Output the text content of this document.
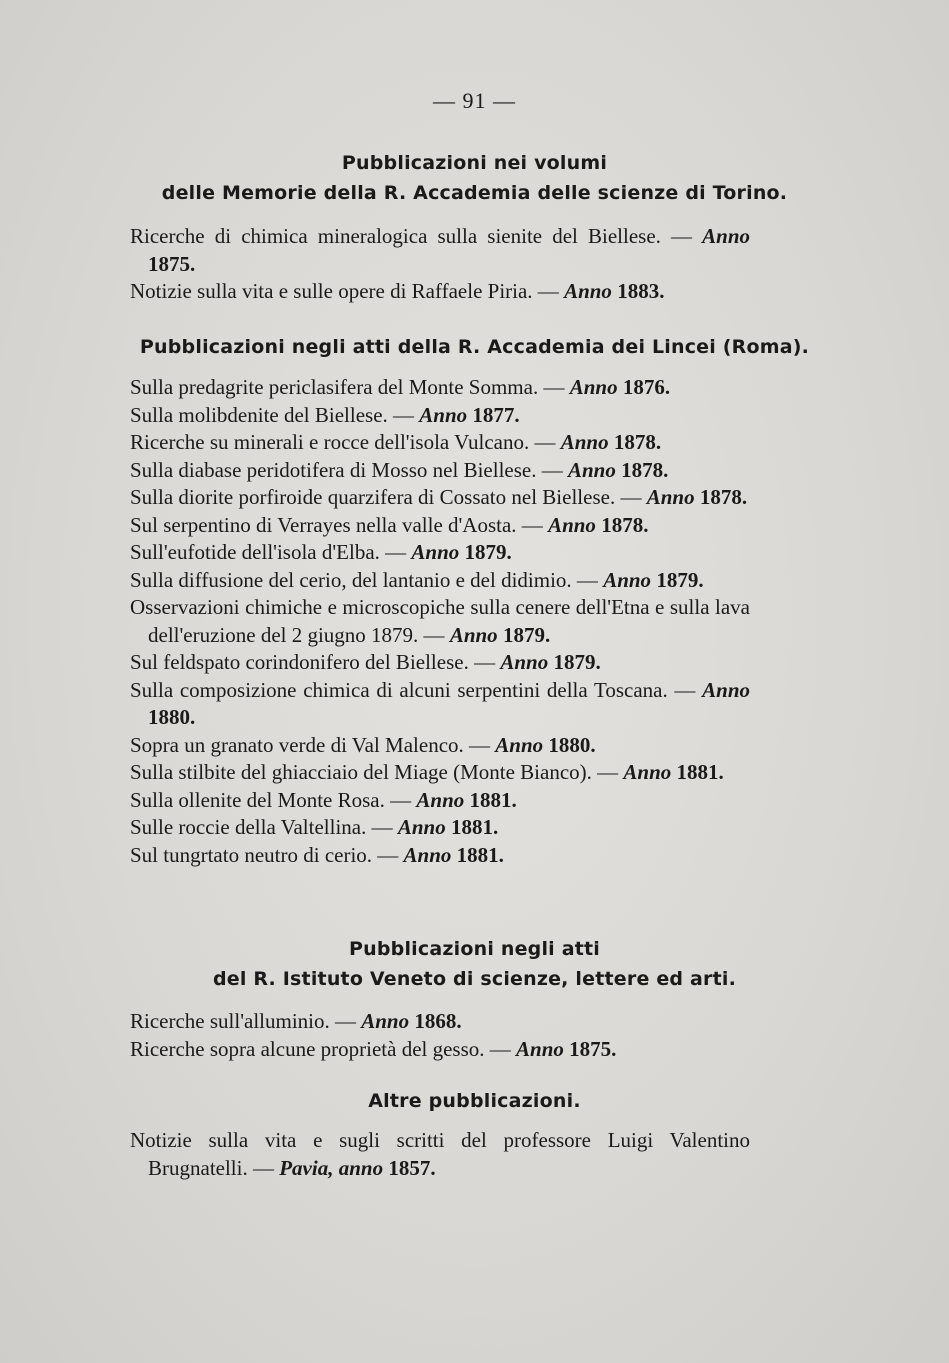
— 91 —
Pubblicazioni nei volumi
delle Memorie della R. Accademia delle scienze di Torino.
Ricerche di chimica mineralogica sulla sienite del Biellese. — Anno 1875.
Notizie sulla vita e sulle opere di Raffaele Piria. — Anno 1883.
Pubblicazioni negli atti della R. Accademia dei Lincei (Roma).
Sulla predagrite periclasifera del Monte Somma. — Anno 1876.
Sulla molibdenite del Biellese. — Anno 1877.
Ricerche su minerali e rocce dell'isola Vulcano. — Anno 1878.
Sulla diabase peridotifera di Mosso nel Biellese. — Anno 1878.
Sulla diorite porfiroide quarzifera di Cossato nel Biellese. — Anno 1878.
Sul serpentino di Verrayes nella valle d'Aosta. — Anno 1878.
Sull'eufotide dell'isola d'Elba. — Anno 1879.
Sulla diffusione del cerio, del lantanio e del didimio. — Anno 1879.
Osservazioni chimiche e microscopiche sulla cenere dell'Etna e sulla lava dell'eruzione del 2 giugno 1879. — Anno 1879.
Sul feldspato corindonifero del Biellese. — Anno 1879.
Sulla composizione chimica di alcuni serpentini della Toscana. — Anno 1880.
Sopra un granato verde di Val Malenco. — Anno 1880.
Sulla stilbite del ghiacciaio del Miage (Monte Bianco). — Anno 1881.
Sulla ollenite del Monte Rosa. — Anno 1881.
Sulle roccie della Valtellina. — Anno 1881.
Sul tungrtato neutro di cerio. — Anno 1881.
Pubblicazioni negli atti
del R. Istituto Veneto di scienze, lettere ed arti.
Ricerche sull'alluminio. — Anno 1868.
Ricerche sopra alcune proprietà del gesso. — Anno 1875.
Altre pubblicazioni.
Notizie sulla vita e sugli scritti del professore Luigi Valentino Brugnatelli. — Pavia, anno 1857.
